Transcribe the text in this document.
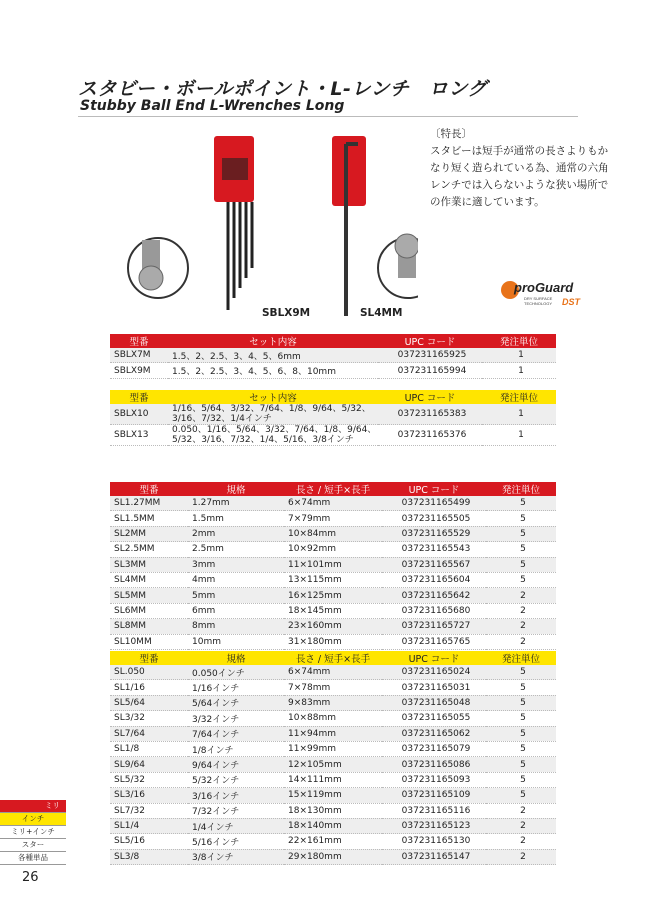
スタビー・ボールポイント・L-レンチ　ロング
Stubby Ball End L-Wrenches Long
〔特長〕
スタビーは短手が通常の長さよりもかなり短く造られている為、通常の六角レンチでは入らないような狭い場所での作業に適しています。
SBLX9M	SL4MM
proGuard
DRY SURFACE
TECHNOLOGY DST
型番	セット内容	UPC コード	発注単位
SBLX7M	1.5、2、2.5、3、4、5、6mm	037231165925	1
SBLX9M	1.5、2、2.5、3、4、5、6、8、10mm	037231165994	1
型番	セット内容	UPC コード	発注単位
SBLX10	1/16、5/64、3/32、7/64、1/8、9/64、5/32、
3/16、7/32、1/4インチ	037231165383	1
SBLX13	0.050、1/16、5/64、3/32、7/64、1/8、9/64、
5/32、3/16、7/32、1/4、5/16、3/8インチ	037231165376	1
型番	規格	長さ / 短手×長手	UPC コード	発注単位
SL1.27MM	1.27mm	6×74mm	037231165499	5
SL1.5MM	1.5mm	7×79mm	037231165505	5
SL2MM	2mm	10×84mm	037231165529	5
SL2.5MM	2.5mm	10×92mm	037231165543	5
SL3MM	3mm	11×101mm	037231165567	5
SL4MM	4mm	13×115mm	037231165604	5
SL5MM	5mm	16×125mm	037231165642	2
SL6MM	6mm	18×145mm	037231165680	2
SL8MM	8mm	23×160mm	037231165727	2
SL10MM	10mm	31×180mm	037231165765	2
型番	規格	長さ / 短手×長手	UPC コード	発注単位
SL.050	0.050インチ	6×74mm	037231165024	5
SL1/16	1/16インチ	7×78mm	037231165031	5
SL5/64	5/64インチ	9×83mm	037231165048	5
SL3/32	3/32インチ	10×88mm	037231165055	5
SL7/64	7/64インチ	11×94mm	037231165062	5
SL1/8	1/8インチ	11×99mm	037231165079	5
SL9/64	9/64インチ	12×105mm	037231165086	5
SL5/32	5/32インチ	14×111mm	037231165093	5
SL3/16	3/16インチ	15×119mm	037231165109	5
SL7/32	7/32インチ	18×130mm	037231165116	2
SL1/4	1/4インチ	18×140mm	037231165123	2
SL5/16	5/16インチ	22×161mm	037231165130	2
SL3/8	3/8インチ	29×180mm	037231165147	2
ミリ
インチ
ミリ+インチ
スター
各種単品
26
